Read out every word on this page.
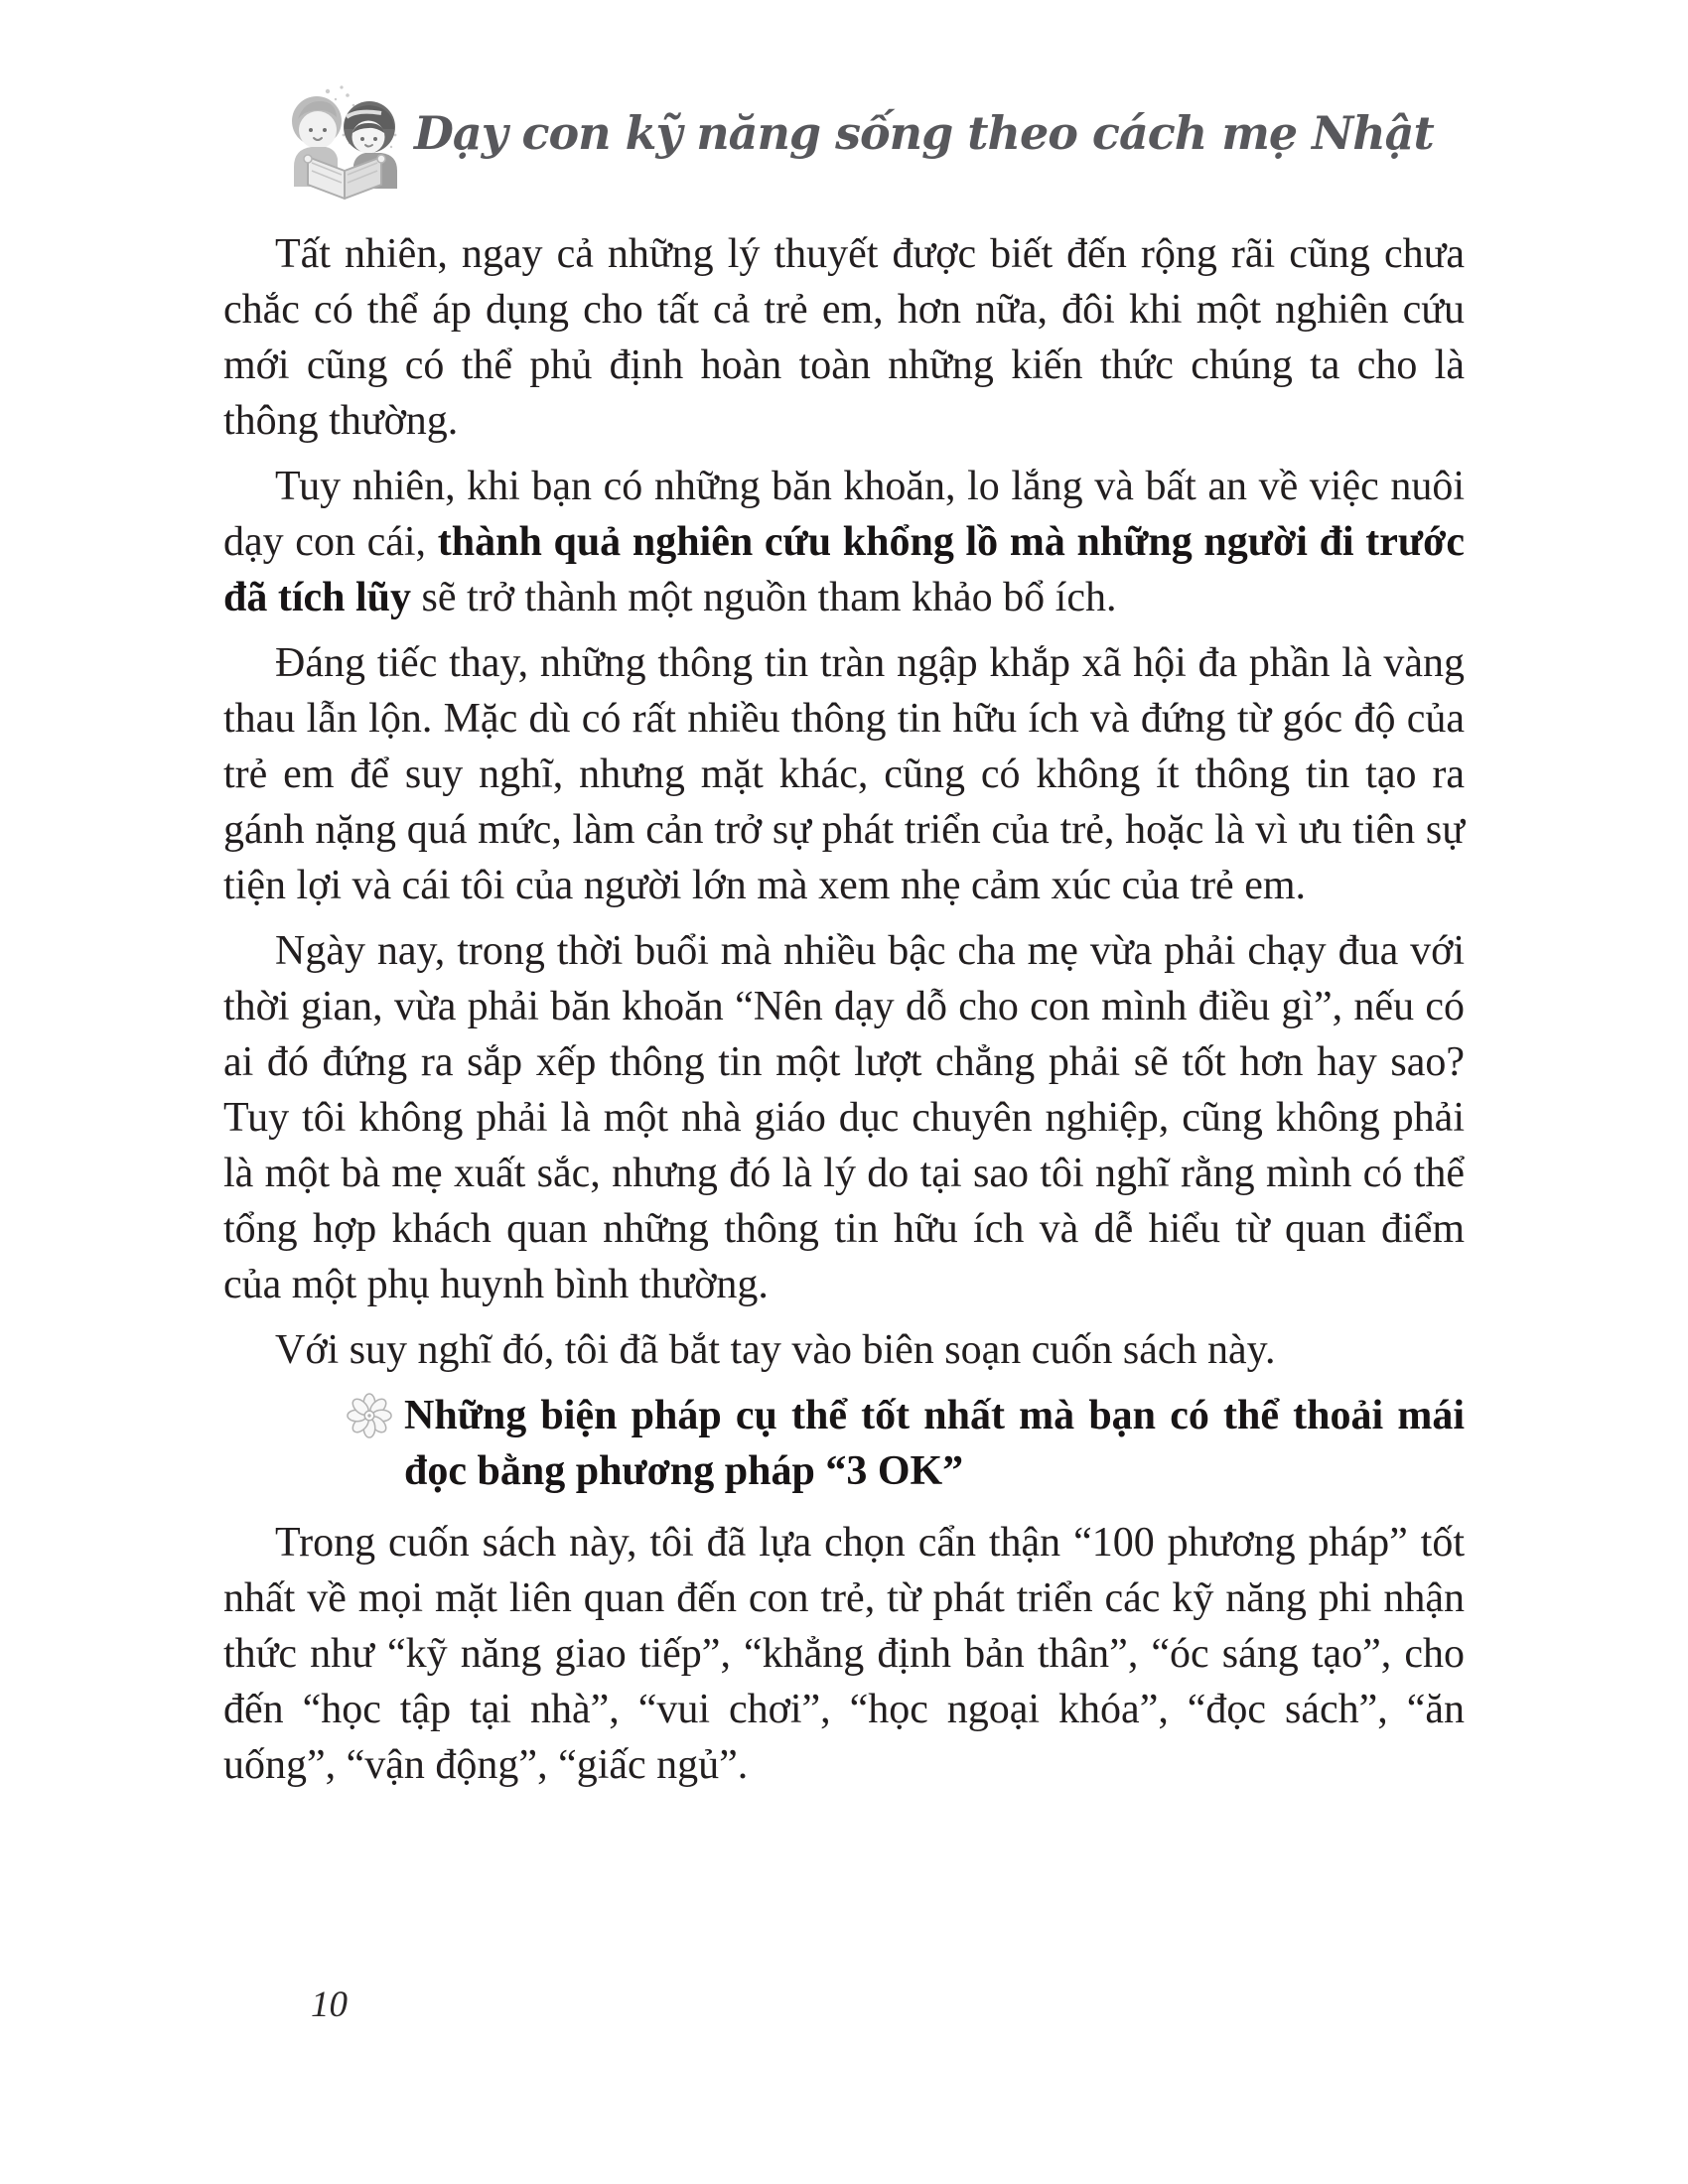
Dạy con kỹ năng sống theo cách mẹ Nhật

Tất nhiên, ngay cả những lý thuyết được biết đến rộng rãi cũng chưa chắc có thể áp dụng cho tất cả trẻ em, hơn nữa, đôi khi một nghiên cứu mới cũng có thể phủ định hoàn toàn những kiến thức chúng ta cho là thông thường.

Tuy nhiên, khi bạn có những băn khoăn, lo lắng và bất an về việc nuôi dạy con cái, thành quả nghiên cứu khổng lồ mà những người đi trước đã tích lũy sẽ trở thành một nguồn tham khảo bổ ích.

Đáng tiếc thay, những thông tin tràn ngập khắp xã hội đa phần là vàng thau lẫn lộn. Mặc dù có rất nhiều thông tin hữu ích và đứng từ góc độ của trẻ em để suy nghĩ, nhưng mặt khác, cũng có không ít thông tin tạo ra gánh nặng quá mức, làm cản trở sự phát triển của trẻ, hoặc là vì ưu tiên sự tiện lợi và cái tôi của người lớn mà xem nhẹ cảm xúc của trẻ em.

Ngày nay, trong thời buổi mà nhiều bậc cha mẹ vừa phải chạy đua với thời gian, vừa phải băn khoăn “Nên dạy dỗ cho con mình điều gì”, nếu có ai đó đứng ra sắp xếp thông tin một lượt chẳng phải sẽ tốt hơn hay sao? Tuy tôi không phải là một nhà giáo dục chuyên nghiệp, cũng không phải là một bà mẹ xuất sắc, nhưng đó là lý do tại sao tôi nghĩ rằng mình có thể tổng hợp khách quan những thông tin hữu ích và dễ hiểu từ quan điểm của một phụ huynh bình thường.

Với suy nghĩ đó, tôi đã bắt tay vào biên soạn cuốn sách này.

Những biện pháp cụ thể tốt nhất mà bạn có thể thoải mái đọc bằng phương pháp “3 OK”

Trong cuốn sách này, tôi đã lựa chọn cẩn thận “100 phương pháp” tốt nhất về mọi mặt liên quan đến con trẻ, từ phát triển các kỹ năng phi nhận thức như “kỹ năng giao tiếp”, “khẳng định bản thân”, “óc sáng tạo”, cho đến “học tập tại nhà”, “vui chơi”, “học ngoại khóa”, “đọc sách”, “ăn uống”, “vận động”, “giấc ngủ”.

10
